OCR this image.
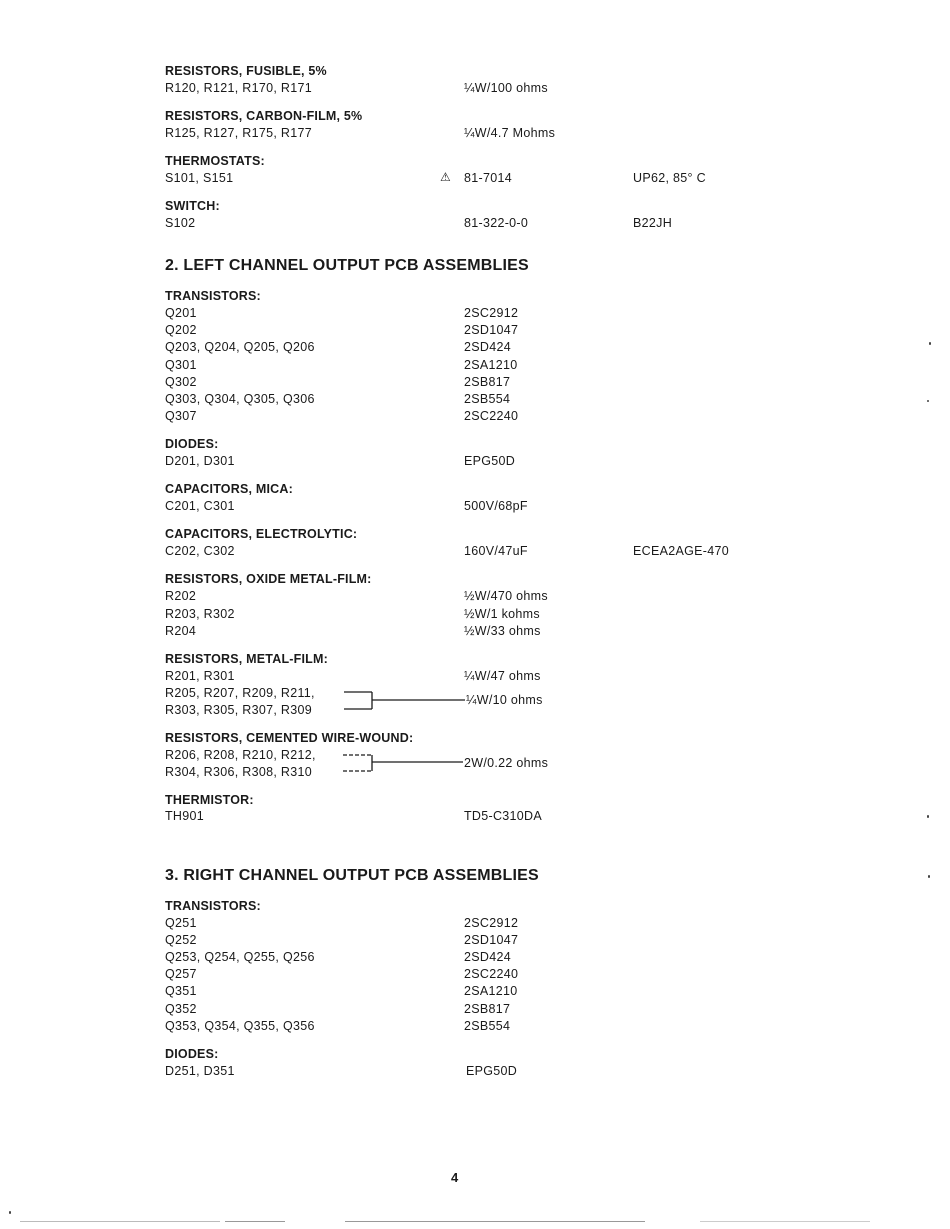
RESISTORS, FUSIBLE, 5%
R120, R121, R170, R171	¼W/100 ohms
RESISTORS, CARBON-FILM, 5%
R125, R127, R175, R177	¼W/4.7 Mohms
THERMOSTATS:
S101, S151	⚠ 81-7014	UP62, 85° C
SWITCH:
S102	81-322-0-0	B22JH
2. LEFT CHANNEL OUTPUT PCB ASSEMBLIES
TRANSISTORS:
Q201	2SC2912
Q202	2SD1047
Q203, Q204, Q205, Q206	2SD424
Q301	2SA1210
Q302	2SB817
Q303, Q304, Q305, Q306	2SB554
Q307	2SC2240
DIODES:
D201, D301	EPG50D
CAPACITORS, MICA:
C201, C301	500V/68pF
CAPACITORS, ELECTROLYTIC:
C202, C302	160V/47uF	ECEA2AGE-470
RESISTORS, OXIDE METAL-FILM:
R202	½W/470 ohms
R203, R302	½W/1 kohms
R204	½W/33 ohms
RESISTORS, METAL-FILM:
R201, R301	¼W/47 ohms
R205, R207, R209, R211,
R303, R305, R307, R309
¼W/10 ohms
RESISTORS, CEMENTED WIRE-WOUND:
R206, R208, R210, R212,
R304, R306, R308, R310
2W/0.22 ohms
THERMISTOR:
TH901	TD5-C310DA
3. RIGHT CHANNEL OUTPUT PCB ASSEMBLIES
TRANSISTORS:
Q251	2SC2912
Q252	2SD1047
Q253, Q254, Q255, Q256	2SD424
Q257	2SC2240
Q351	2SA1210
Q352	2SB817
Q353, Q354, Q355, Q356	2SB554
DIODES:
D251, D351	EPG50D
4
